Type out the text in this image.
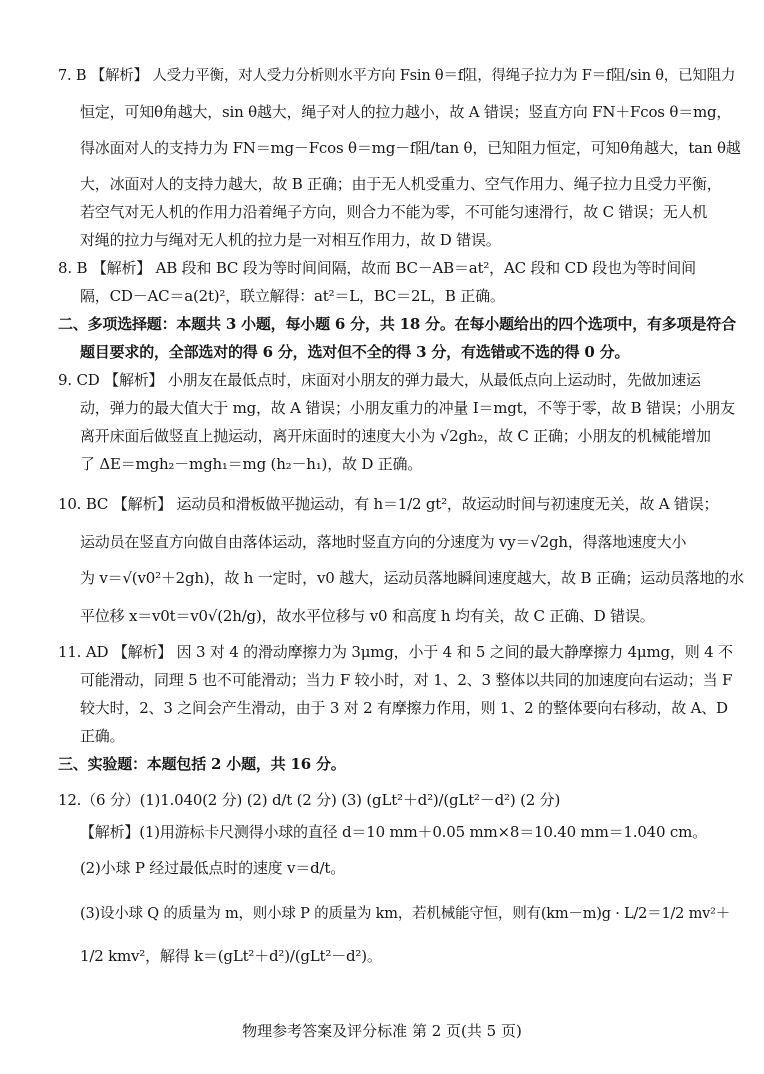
7. B 【解析】 人受力平衡，对人受力分析则水平方向 Fsin θ＝f阻，得绳子拉力为 F＝f阻/sin θ，已知阻力
恒定，可知θ角越大，sin θ越大，绳子对人的拉力越小，故 A 错误；竖直方向 FN＋Fcos θ＝mg，
得冰面对人的支持力为 FN＝mg－Fcos θ＝mg－f阻/tan θ，已知阻力恒定，可知θ角越大，tan θ越
大，冰面对人的支持力越大，故 B 正确；由于无人机受重力、空气作用力、绳子拉力且受力平衡，
若空气对无人机的作用力沿着绳子方向，则合力不能为零，不可能匀速滑行，故 C 错误；无人机
对绳的拉力与绳对无人机的拉力是一对相互作用力，故 D 错误。
8. B 【解析】 AB 段和 BC 段为等时间间隔，故而 BC－AB＝at²，AC 段和 CD 段也为等时间间
隔，CD－AC＝a(2t)²，联立解得：at²＝L，BC＝2L，B 正确。
二、多项选择题：本题共 3 小题，每小题 6 分，共 18 分。在每小题给出的四个选项中，有多项是符合
题目要求的，全部选对的得 6 分，选对但不全的得 3 分，有选错或不选的得 0 分。
9. CD 【解析】 小朋友在最低点时，床面对小朋友的弹力最大，从最低点向上运动时，先做加速运
动，弹力的最大值大于 mg，故 A 错误；小朋友重力的冲量 I＝mgt，不等于零，故 B 错误；小朋友
离开床面后做竖直上抛运动，离开床面时的速度大小为 √2gh₂，故 C 正确；小朋友的机械能增加
了 ΔE＝mgh₂－mgh₁＝mg (h₂－h₁)，故 D 正确。
10. BC 【解析】 运动员和滑板做平抛运动，有 h＝1/2 gt²，故运动时间与初速度无关，故 A 错误；
运动员在竖直方向做自由落体运动，落地时竖直方向的分速度为 vy＝√2gh，得落地速度大小
为 v＝√(v0²＋2gh)，故 h 一定时，v0 越大，运动员落地瞬间速度越大，故 B 正确；运动员落地的水
平位移 x＝v0t＝v0√(2h/g)，故水平位移与 v0 和高度 h 均有关，故 C 正确、D 错误。
11. AD 【解析】 因 3 对 4 的滑动摩擦力为 3μmg，小于 4 和 5 之间的最大静摩擦力 4μmg，则 4 不
可能滑动，同理 5 也不可能滑动；当力 F 较小时，对 1、2、3 整体以共同的加速度向右运动；当 F
较大时，2、3 之间会产生滑动，由于 3 对 2 有摩擦力作用，则 1、2 的整体要向右移动，故 A、D
正确。
三、实验题：本题包括 2 小题，共 16 分。
12.（6 分）(1)1.040(2 分) (2) d/t (2 分) (3) (gLt²＋d²)/(gLt²－d²) (2 分)
【解析】(1)用游标卡尺测得小球的直径 d＝10 mm＋0.05 mm×8＝10.40 mm＝1.040 cm。
(2)小球 P 经过最低点时的速度 v＝d/t。
(3)设小球 Q 的质量为 m，则小球 P 的质量为 km，若机械能守恒，则有(km－m)g · L/2＝1/2 mv²＋
1/2 kmv²，解得 k＝(gLt²＋d²)/(gLt²－d²)。
物理参考答案及评分标准 第 2 页(共 5 页)
